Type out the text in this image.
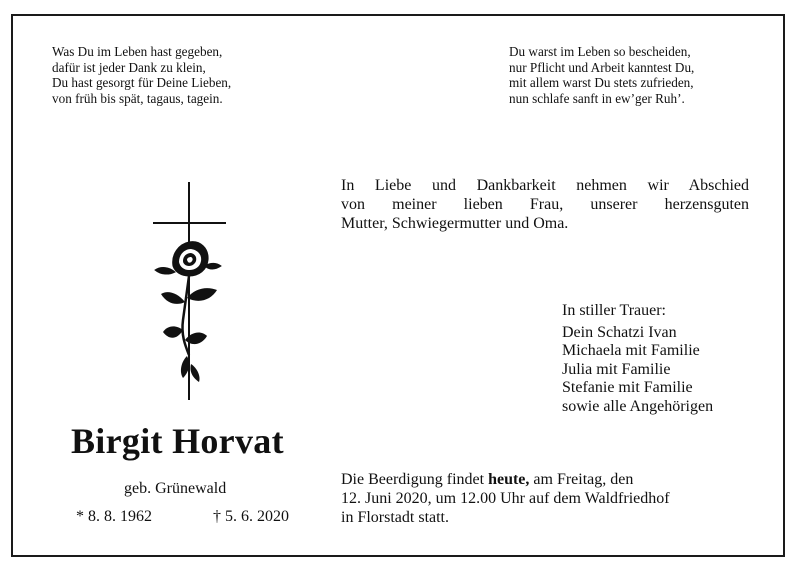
Was Du im Leben hast gegeben,
dafür ist jeder Dank zu klein,
Du hast gesorgt für Deine Lieben,
von früh bis spät, tagaus, tagein.
Du warst im Leben so bescheiden,
nur Pflicht und Arbeit kanntest Du,
mit allem warst Du stets zufrieden,
nun schlafe sanft in ew’ger Ruh’.
In Liebe und Dankbarkeit nehmen wir Abschied
von meiner lieben Frau, unserer herzensguten
Mutter, Schwiegermutter und Oma.
In stiller Trauer:
Dein Schatzi Ivan
Michaela mit Familie
Julia mit Familie
Stefanie mit Familie
sowie alle Angehörigen
Birgit Horvat
geb. Grünewald
* 8. 8. 1962	† 5. 6. 2020
Die Beerdigung findet heute, am Freitag, den
12. Juni 2020, um 12.00 Uhr auf dem Waldfriedhof
in Florstadt statt.
